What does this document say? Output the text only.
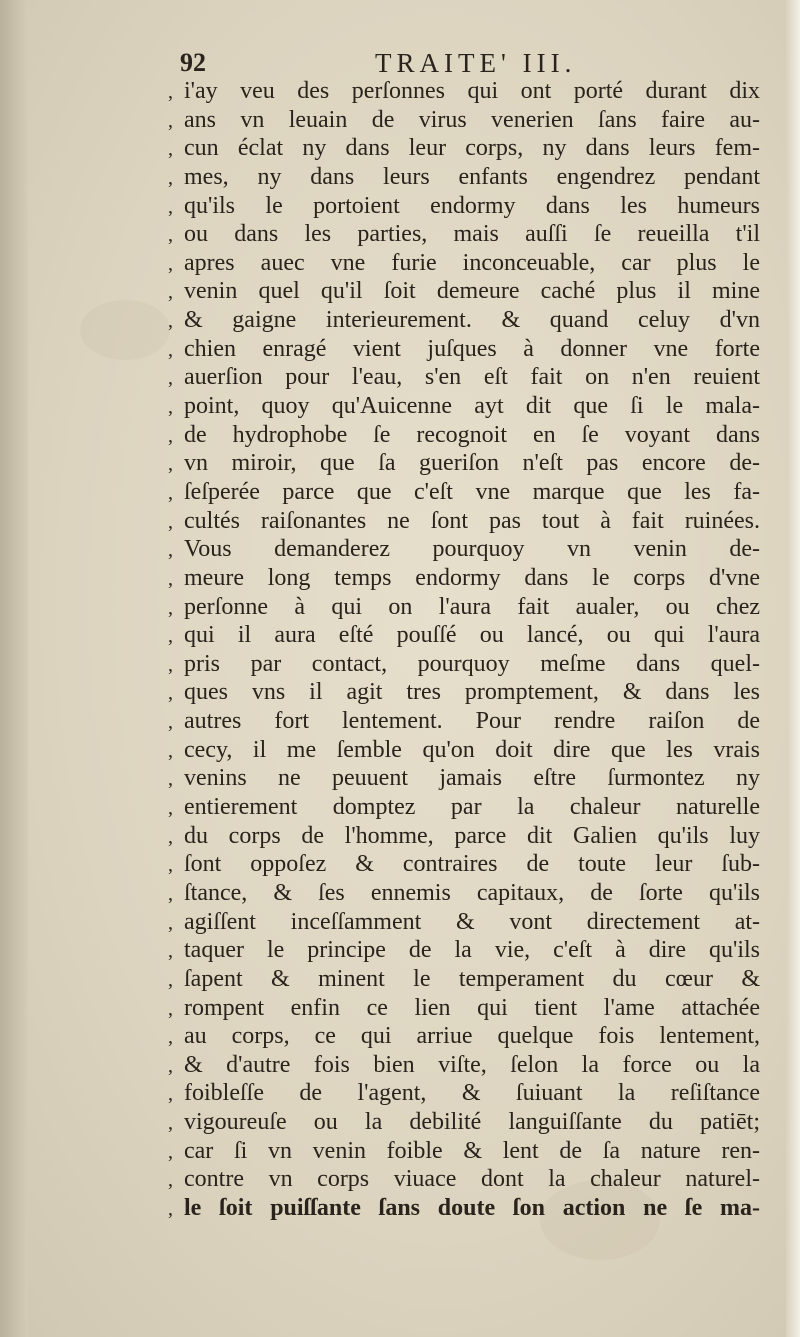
92	TRAITE' III.
, i'ay veu des perſonnes qui ont porté durant dix
, ans vn leuain de virus venerien ſans faire au-
, cun éclat ny dans leur corps, ny dans leurs fem-
, mes, ny dans leurs enfants engendrez pendant
, qu'ils le portoient endormy dans les humeurs
, ou dans les parties, mais auſſi ſe reueilla t'il
, apres auec vne furie inconceuable, car plus le
, venin quel qu'il ſoit demeure caché plus il mine
, & gaigne interieurement. & quand celuy d'vn
, chien enragé vient juſques à donner vne forte
, auerſion pour l'eau, s'en eſt fait on n'en reuient
, point, quoy qu'Auicenne ayt dit que ſi le mala-
, de hydrophobe ſe recognoit en ſe voyant dans
, vn miroir, que ſa gueriſon n'eſt pas encore de-
, ſeſperée parce que c'eſt vne marque que les fa-
, cultés raiſonantes ne ſont pas tout à fait ruinées.
, Vous demanderez pourquoy vn venin de-
, meure long temps endormy dans le corps d'vne
, perſonne à qui on l'aura fait aualer, ou chez
, qui il aura eſté pouſſé ou lancé, ou qui l'aura
, pris par contact, pourquoy meſme dans quel-
, ques vns il agit tres promptement, & dans les
, autres fort lentement. Pour rendre raiſon de
, cecy, il me ſemble qu'on doit dire que les vrais
, venins ne peuuent jamais eſtre ſurmontez ny
, entierement domptez par la chaleur naturelle
, du corps de l'homme, parce dit Galien qu'ils luy
, ſont oppoſez & contraires de toute leur ſub-
, ſtance, & ſes ennemis capitaux, de ſorte qu'ils
, agiſſent inceſſamment & vont directement at-
, taquer le principe de la vie, c'eſt à dire qu'ils
, ſapent & minent le temperament du cœur &
, rompent enfin ce lien qui tient l'ame attachée
, au corps, ce qui arriue quelque fois lentement,
, & d'autre fois bien viſte, ſelon la force ou la
, foibleſſe de l'agent, & ſuiuant la reſiſtance
, vigoureuſe ou la debilité languiſſante du patiēt;
, car ſi vn venin foible & lent de ſa nature ren-
, contre vn corps viuace dont la chaleur naturel-
, le ſoit puiſſante ſans doute ſon action ne ſe ma-
